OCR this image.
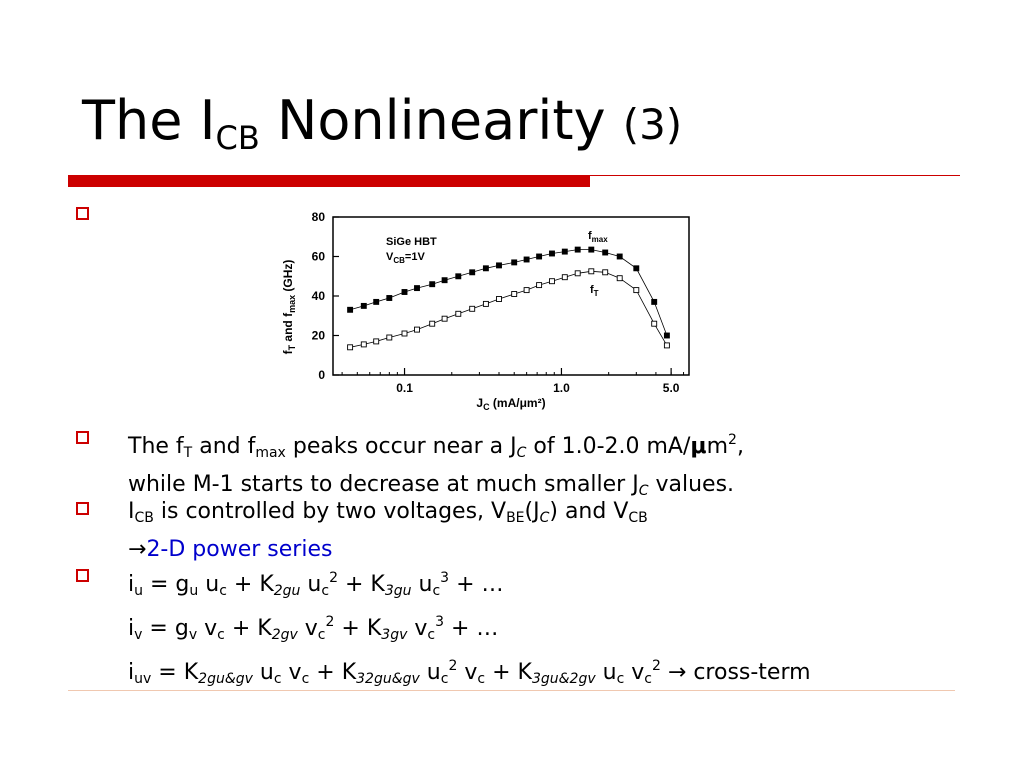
The $I_{CB}$ Nonlinearity (3)
$f_T$ and $f_{max}$ (GHz)
0
20
40
60
80
0.1	1.0	5.0
SiGe HBT
$V_{CB}=1V$
$f_{max}$
$f_T$
$J_C$ (mA/μm²)
The $f_T$ and $f_{max}$ peaks occur near a $J_C$ of 1.0-2.0 $mA/\mu m^2$,
while M-1 starts to decrease at much smaller $J_C$ values.
$I_{CB}$ is controlled by two voltages, $V_{BE}(J_C)$ and $V_{CB}$
→2-D power series
$i_u = g_u$ $u_c + K_{2gu}$ $u_c^2 + K_{3gu}$ $u_c^3$ + …
$i_v = g_v$ $v_c + K_{2gv}$ $v_c^2 + K_{3gv}$ $v_c^3$ + …
$i_{uv} = K_{2gu\&gv}$ $u_c$ $v_c + K_{32gu\&gv}$ $u_c^2$ $v_c + K_{3gu\&2gv}$ $u_c$ $v_c^2$ → cross-term
